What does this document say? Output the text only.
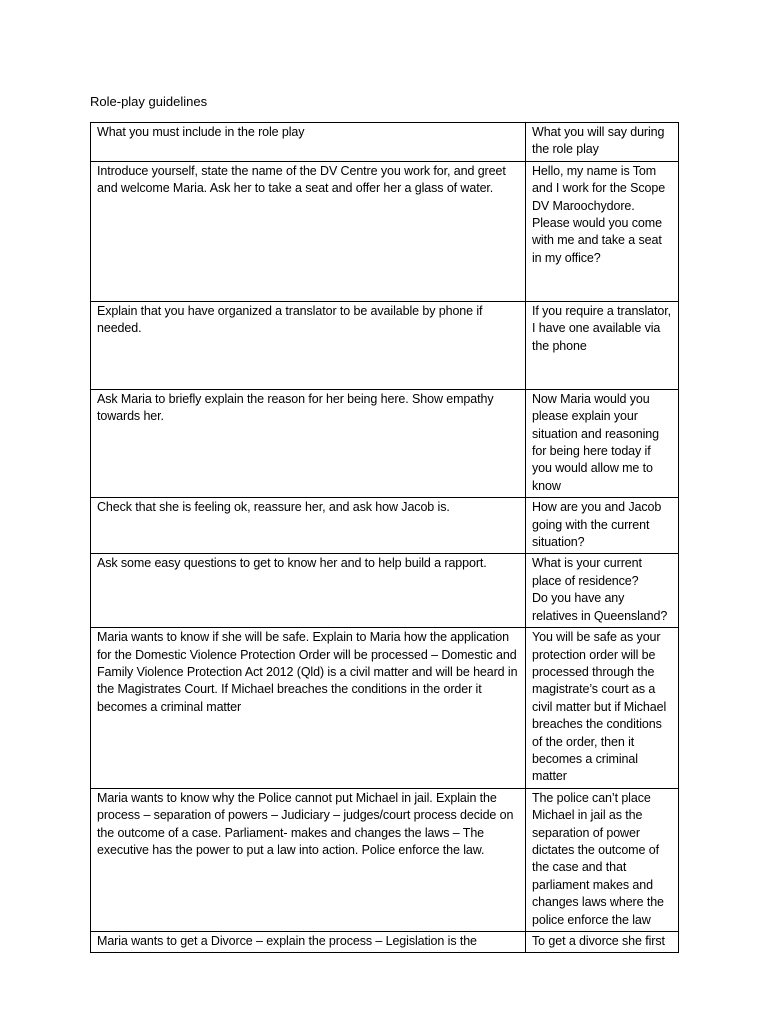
Role-play guidelines
What you must include in the role play	What you will say during the role play
Introduce yourself, state the name of the DV Centre you work for, and greet and welcome Maria. Ask her to take a seat and offer her a glass of water.	Hello, my name is Tom and I work for the Scope DV Maroochydore. Please would you come with me and take a seat in my office?
Explain that you have organized a translator to be available by phone if needed.	If you require a translator, I have one available via the phone
Ask Maria to briefly explain the reason for her being here. Show empathy towards her.	Now Maria would you please explain your situation and reasoning for being here today if you would allow me to know
Check that she is feeling ok, reassure her, and ask how Jacob is.	How are you and Jacob going with the current situation?
Ask some easy questions to get to know her and to help build a rapport.	What is your current place of residence?
Do you have any relatives in Queensland?
Maria wants to know if she will be safe. Explain to Maria how the application for the Domestic Violence Protection Order will be processed – Domestic and Family Violence Protection Act 2012 (Qld) is a civil matter and will be heard in the Magistrates Court. If Michael breaches the conditions in the order it becomes a criminal matter	You will be safe as your protection order will be processed through the magistrate’s court as a civil matter but if Michael breaches the conditions of the order, then it becomes a criminal matter
Maria wants to know why the Police cannot put Michael in jail. Explain the process – separation of powers – Judiciary – judges/court process decide on the outcome of a case. Parliament- makes and changes the laws – The executive has the power to put a law into action. Police enforce the law.	The police can’t place Michael in jail as the separation of power dictates the outcome of the case and that parliament makes and changes laws where the police enforce the law
Maria wants to get a Divorce – explain the process – Legislation is the	To get a divorce she first
